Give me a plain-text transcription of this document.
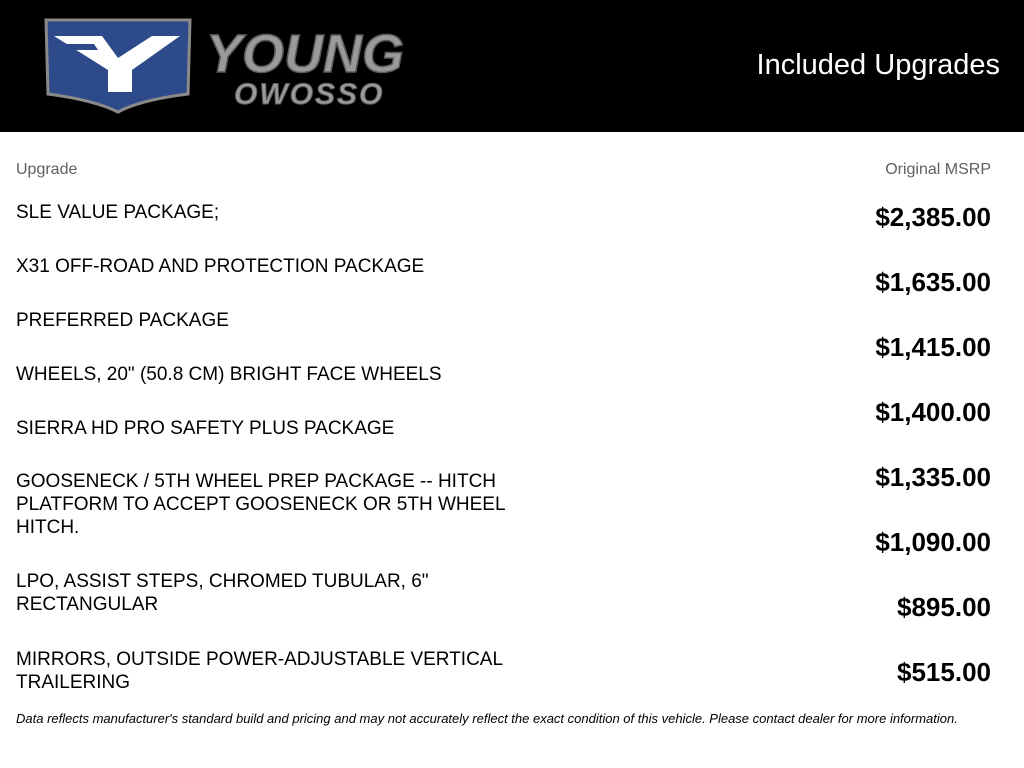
YOUNG
OWOSSO
Included Upgrades
Upgrade	Original MSRP
SLE VALUE PACKAGE;
X31 OFF-ROAD AND PROTECTION PACKAGE
PREFERRED PACKAGE
WHEELS, 20" (50.8 CM) BRIGHT FACE WHEELS
SIERRA HD PRO SAFETY PLUS PACKAGE
GOOSENECK / 5TH WHEEL PREP PACKAGE -- HITCH PLATFORM TO ACCEPT GOOSENECK OR 5TH WHEEL HITCH.
LPO, ASSIST STEPS, CHROMED TUBULAR, 6" RECTANGULAR
MIRRORS, OUTSIDE POWER-ADJUSTABLE VERTICAL TRAILERING
$2,385.00
$1,635.00
$1,415.00
$1,400.00
$1,335.00
$1,090.00
$895.00
$515.00
Data reflects manufacturer's standard build and pricing and may not accurately reflect the exact condition of this vehicle. Please contact dealer for more information.
